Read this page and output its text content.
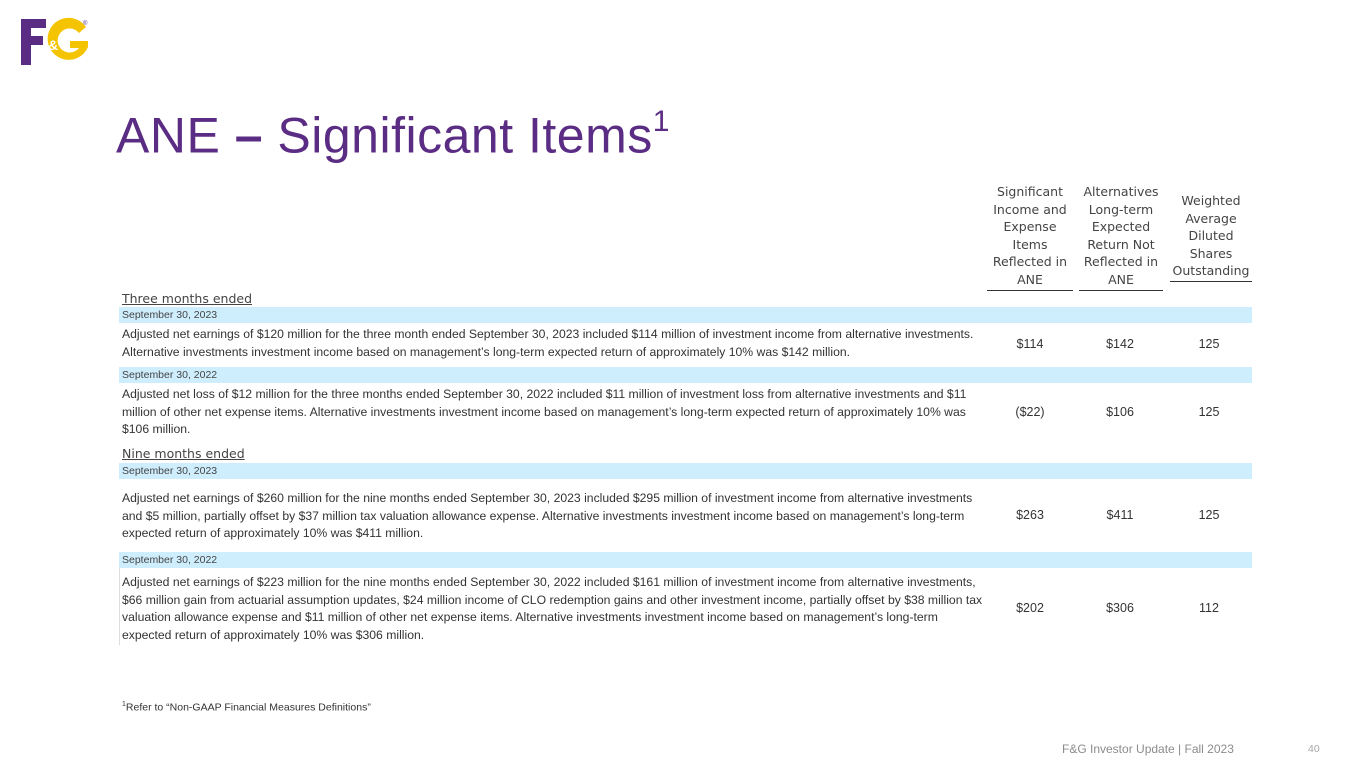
&
®
ANE – Significant Items$^1$
Significant Income and Expense Items Reflected in ANE
Alternatives Long-term Expected Return Not Reflected in ANE
Weighted Average Diluted Shares Outstanding
Three months ended
September 30, 2023
Adjusted net earnings of $120 million for the three month ended September 30, 2023 included $114 million of investment income from alternative investments. Alternative investments investment income based on management’s long-term expected return of approximately 10% was $142 million.
$114	$142	125
September 30, 2022
Adjusted net loss of $12 million for the three months ended September 30, 2022 included $11 million of investment loss from alternative investments and $11 million of other net expense items. Alternative investments investment income based on management’s long-term expected return of approximately 10% was $106 million.
($22)	$106	125
Nine months ended
September 30, 2023
Adjusted net earnings of $260 million for the nine months ended September 30, 2023 included $295 million of investment income from alternative investments and $5 million, partially offset by $37 million tax valuation allowance expense. Alternative investments investment income based on management’s long-term expected return of approximately 10% was $411 million.
$263	$411	125
September 30, 2022
Adjusted net earnings of $223 million for the nine months ended September 30, 2022 included $161 million of investment income from alternative investments, $66 million gain from actuarial assumption updates, $24 million income of CLO redemption gains and other investment income, partially offset by $38 million tax valuation allowance expense and $11 million of other net expense items. Alternative investments investment income based on management’s long-term expected return of approximately 10% was $306 million.
$202	$306	112
$^1$Refer to “Non-GAAP Financial Measures Definitions”
F&G Investor Update | Fall 2023	40
